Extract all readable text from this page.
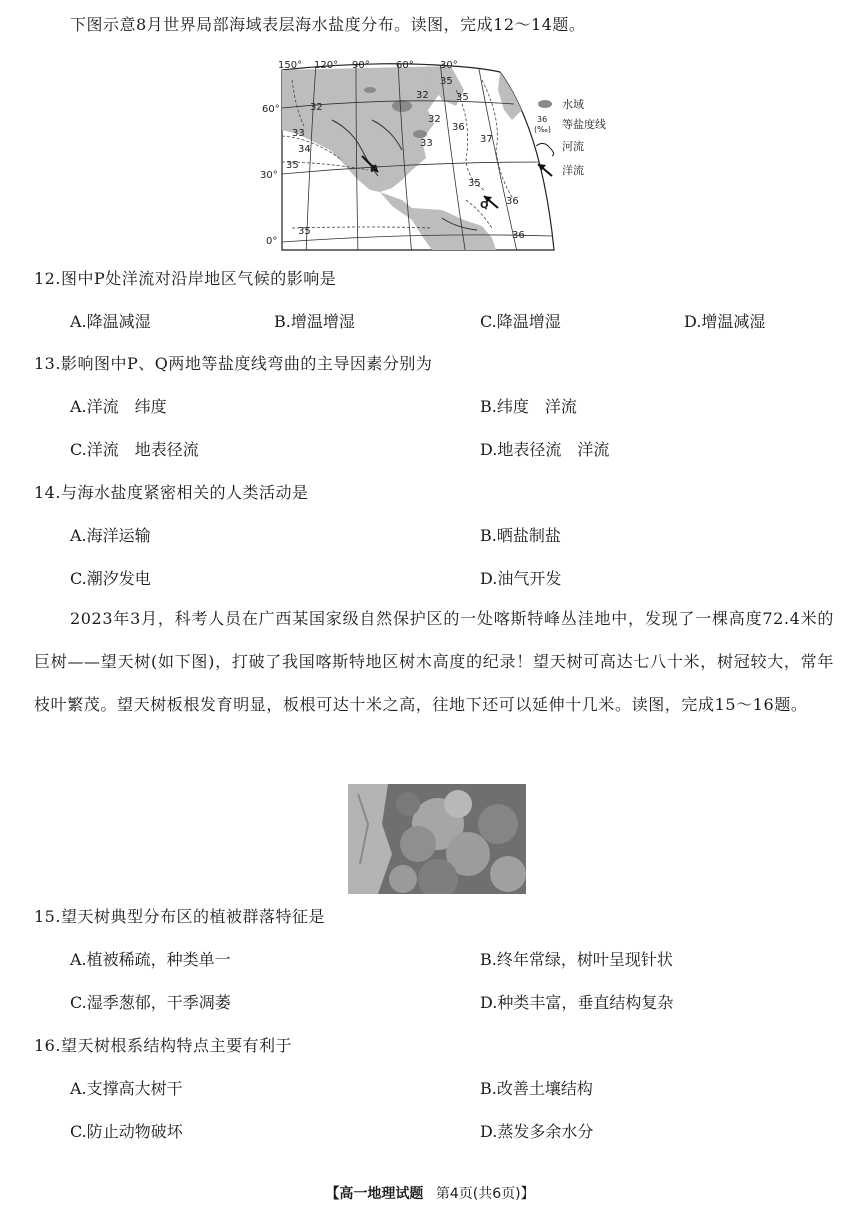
下图示意8月世界局部海域表层海水盐度分布。读图，完成12～14题。
150° 120° 90°	60°	30°
60°
30°
0°
35
35
32
32
36
33	37
33
34
35
36
36
35
32
35
P
Q
水域
36
(‰) 等盐度线
河流
洋流
12.图中P处洋流对沿岸地区气候的影响是
A.降温减湿	B.增温增湿	C.降温增湿	D.增温减湿
13.影响图中P、Q两地等盐度线弯曲的主导因素分别为
A.洋流　纬度	B.纬度　洋流
C.洋流　地表径流	D.地表径流　洋流
14.与海水盐度紧密相关的人类活动是
A.海洋运输	B.晒盐制盐
C.潮汐发电	D.油气开发
2023年3月，科考人员在广西某国家级自然保护区的一处喀斯特峰丛洼地中，发现了一棵高度72.4米的巨树——望天树(如下图)，打破了我国喀斯特地区树木高度的纪录！望天树可高达七八十米，树冠较大，常年枝叶繁茂。望天树板根发育明显，板根可达十米之高，往地下还可以延伸十几米。读图，完成15～16题。
15.望天树典型分布区的植被群落特征是
A.植被稀疏，种类单一	B.终年常绿，树叶呈现针状
C.湿季葱郁，干季凋萎	D.种类丰富，垂直结构复杂
16.望天树根系结构特点主要有利于
A.支撑高大树干	B.改善土壤结构
C.防止动物破坏	D.蒸发多余水分
【高一地理试题 第4页(共6页)】
